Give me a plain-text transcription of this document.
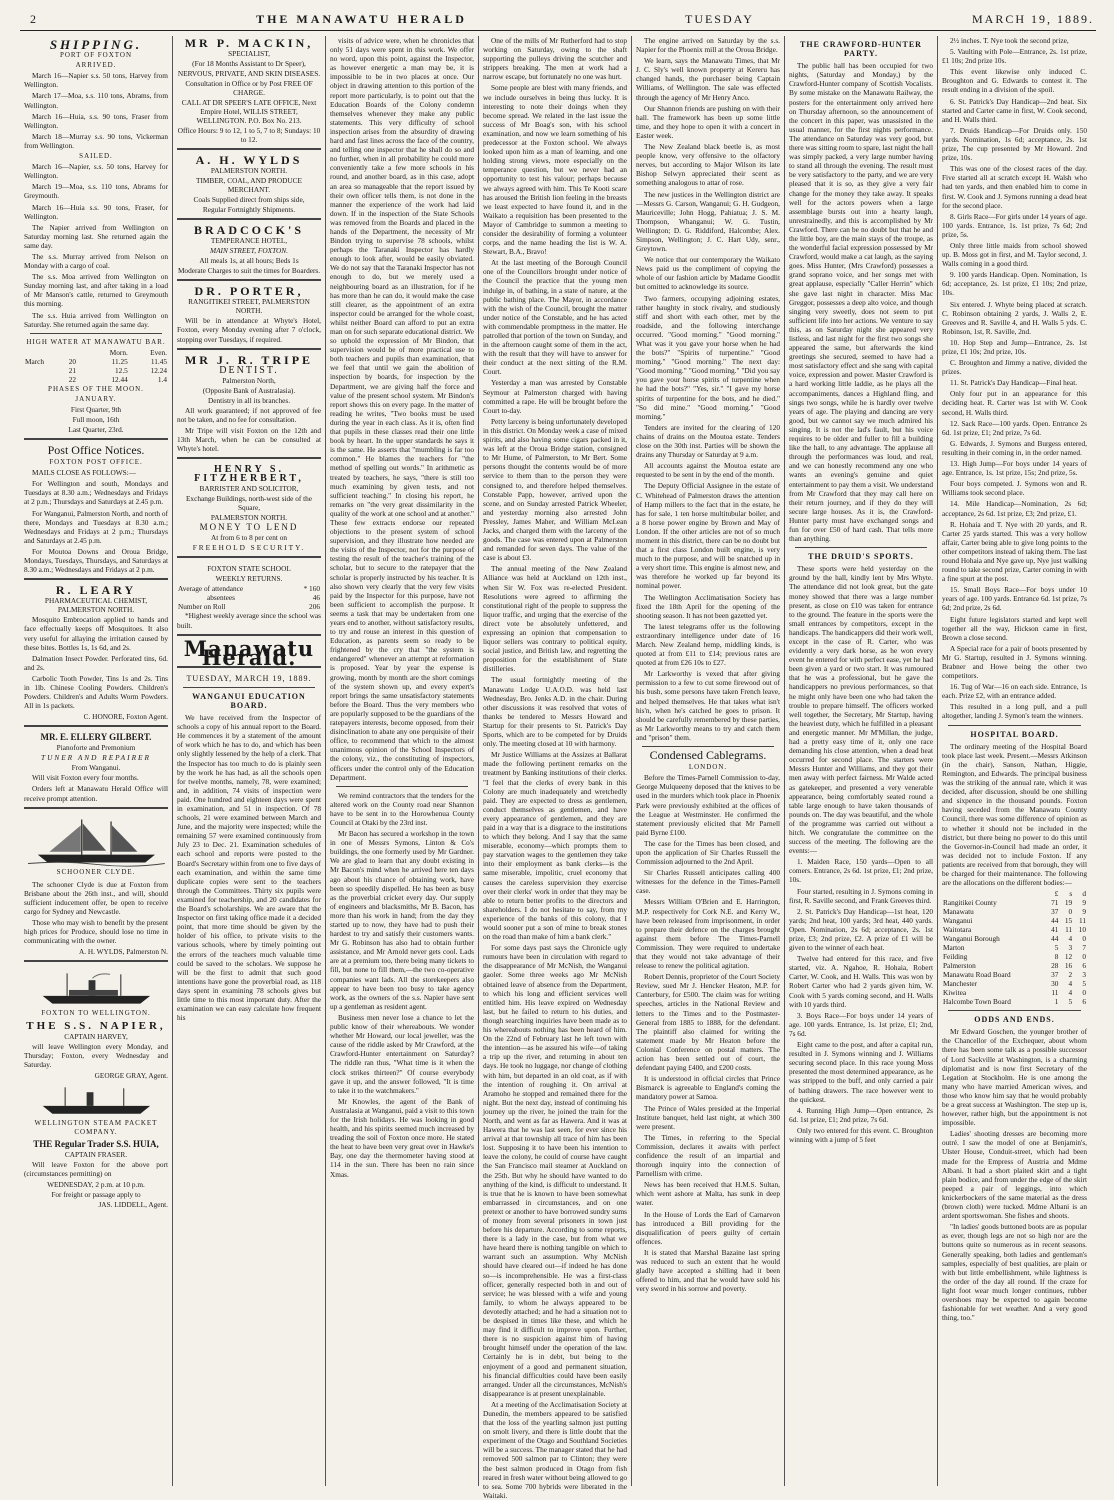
2	THE MANAWATU HERALD	TUESDAY	MARCH 19, 1889.
SHIPPING.
PORT OF FOXTON
ARRIVED.

March 16—Napier s.s. 50 tons, Harvey from Wellington.

March 17—Moa, s.s. 110 tons, Abrams, from Wellington.

March 16—Huia, s.s. 90 tons, Fraser from Wellington.

March 18—Murray s.s. 90 tons, Vickerman from Wellington.

SAILED.

March 16—Napier, s.s. 50 tons, Harvey for Wellington.

March 19—Moa, s.s. 110 tons, Abrams for Greymouth.

March 16—Huia s.s. 90 tons, Fraser, for Wellington.

The Napier arrived from Wellington on Saturday morning last. She returned again the same day.

The s.s. Murray arrived from Nelson on Monday with a cargo of coal.

The s.s. Moa arrived from Wellington on Sunday morning last, and after taking in a load of Mr Manson's cattle, returned to Greymouth this morning.

The s.s. Huia arrived from Wellington on Saturday. She returned again the same day.

HIGH WATER AT MANAWATU BAR.
		Morn.	Even.
March	20	11.25	11.45
	21	12.5	12.24
	22	12.44	1.4
PHASES OF THE MOON.
JANUARY.
First Quarter, 9th
Full moon, 16th
Last Quarter, 23rd.
Post Office Notices.
FOXTON POST OFFICE.

MAILS CLOSE AS FOLLOWS:—

For Wellington and south, Mondays and Tuesdays at 8.30 a.m.; Wednesdays and Fridays at 2 p.m.; Thursdays and Saturdays at 2.45 p.m.

For Wanganui, Palmerston North, and north of there, Mondays and Tuesdays at 8.30 a.m.; Wednesdays and Fridays at 2 p.m.; Thursdays and Saturdays at 2.45 p.m.

For Moutoa Downs and Oroua Bridge, Mondays, Tuesdays, Thursdays, and Saturdays at 8.30 a.m.; Wednesdays and Fridays at 2 p.m.

R. LEARY
PHARMACEUTICAL CHEMIST, PALMERSTON NORTH.

Mosquito Embrocation applied to hands and face effectually keeps off Mosquitoes. It also very useful for allaying the irritation caused by these bites. Bottles 1s, 1s 6d, and 2s.

Dalmation Insect Powder. Perforated tins, 6d. and 2s.

Carbolic Tooth Powder, Tins 1s and 2s. Tins in 1lb. Chinese Cooling Powders. Children's Powders. Children's and Adults Worm Powders. All in 1s packets.

C. HONORE, Foxton Agent.
MR. E. ELLERY GILBERT.
Pianoforte and Premonium
TUNER AND REPAIRER
From Wanganui.

Will visit Foxton every four months.

Orders left at Manawatu Herald Office will receive prompt attention.

SCHOONER CLYDE.

The schooner Clyde is due at Foxton from Brisbane about the 26th inst., and will, should sufficient inducement offer, be open to receive cargo for Sydney and Newcastle.

Those who may wish to benefit by the present high prices for Produce, should lose no time in communicating with the owner.

A. H. WYLDS, Palmerston N.
FOXTON TO WELLINGTON.
THE S.S. NAPIER,
CAPTAIN HARVEY,

will leave Wellington every Monday, and Thursday; Foxton, every Wednesday and Saturday.

GEORGE GRAY, Agent.
WELLINGTON STEAM PACKET COMPANY.
THE Regular Trader S.S. HUIA,
CAPTAIN FRASER.

Will leave Foxton for the above port (circumstances permitting) on

WEDNESDAY, 2 p.m. at 10 p.m.
For freight or passage apply to
JAS. LIDDELL, Agent.
MR P. MACKIN,
SPECIALIST,
(For 18 Months Assistant to Dr Speer),
NERVOUS, PRIVATE, AND SKIN DISEASES.
Consultation in Office or by Post FREE OF CHARGE.
CALL AT DR SPEER'S LATE OFFICE, Next Empire Hotel, WILLIS STREET, WELLINGTON. P.O. Box No. 213.
Office Hours: 9 to 12, 1 to 5, 7 to 8; Sundays: 10 to 12.
A. H. WYLDS
PALMERSTON NORTH.
TIMBER, COAL, AND PRODUCE MERCHANT.
Coals Supplied direct from ships side,
Regular Fortnightly Shipments.
BRADCOCK'S
TEMPERANCE HOTEL,
MAIN STREET, FOXTON.
All meals 1s, at all hours; Beds 1s
Moderate Charges to suit the times for Boarders.
DR. PORTER,
RANGITIKEI STREET, PALMERSTON NORTH.

Will be in attendance at Whyte's Hotel, Foxton, every Monday evening after 7 o'clock, stopping over Tuesdays, if required.

MR J. R. TRIPE
DENTIST.
Palmerston North,
(Opposite Bank of Australasia).
Dentistry in all its branches.

All work guaranteed; if not approved of fee not be taken, and no fee for consultation.

Mr Tripe will visit Foxton on the 12th and 13th March, when he can be consulted at Whyte's hotel.

HENRY S. FITZHERBERT,
BARRISTER AND SOLICITOR,
Exchange Buildings, north-west side of the Square,
PALMERSTON NORTH.
MONEY TO LEND
At from 6 to 8 per cent on
FREEHOLD SECURITY.
FOXTON STATE SCHOOL
WEEKLY RETURNS.
Average of attendance	* 160
absentees	46
Number on Roll	206

*Highest weekly average since the school was built.

Manawatu Herald.
TUESDAY, MARCH 19, 1889.
WANGANUI EDUCATION BOARD.

We have received from the Inspector of schools a copy of his annual report to the Board. He commences it by a statement of the amount of work which he has to do, and which has been only slightly lessened by the help of a clerk. That the Inspector has too much to do is plainly seen by the work he has had, as all the schools open for twelve months, namely, 78, were examined; and, in addition, 74 visits of inspection were paid. One hundred and eighteen days were spent in examination, and 51 in inspection. Of 78 schools, 21 were examined between March and June, and the majority were inspected; while the remaining 57 were examined continuously from July 23 to Dec. 21. Examination schedules of each school and reports were posted to the Board's Secretary within from one to five days of each examination, and within the same time duplicate copies were sent to the teachers through the Committees. Thirty six pupils were examined for teachership, and 20 candidates for the Board's scholarships. We are aware that the Inspector on first taking office made it a decided point, that more time should be given by the holder of his office, to private visits to the various schools, where by timely pointing out the errors of the teachers much valuable time could be saved to the scholars. We suppose he will be the first to admit that such good intentions have gone the proverbial road, as 118 days spent in examining 78 schools gives but little time to this most important duty. After the examination we can easy calculate how frequent his

visits of advice were, when he chronicles that only 51 days were spent in this work. We offer no word, upon this point, against the Inspector, as however energetic a man may be, it is impossible to be in two places at once. Our object in drawing attention to this portion of the report more particularly, is to point out that the Education Boards of the Colony condemn themselves whenever they make any public statements. This very difficulty of school inspection arises from the absurdity of drawing hard and fast lines across the face of the country, and telling one inspector that he shall do so and no further, when in all probability he could more conveniently take a few more schools in his round, and another board, as in this case, adopt an area so manageable that the report issued by their own officer tells them, is not done in the manner the experience of the work had laid down. If in the inspection of the State Schools was removed from the Boards and placed in the hands of the Department, the necessity of Mr Bindon trying to supervise 78 schools, whilst perhaps the Taranaki Inspector has hardly enough to look after, would be easily obviated. We do not say that the Taranaki Inspector has not enough to do, but we merely used a neighbouring board as an illustration, for if he has more than he can do, it would make the case still clearer, as the appointment of an extra inspector could be arranged for the whole coast, whilst neither Board can afford to put an extra man on for such separate educational district. We so uphold the expression of Mr Bindon, that supervision would be of more practical use to both teachers and pupils than examination, that we feel that until we gain the abolition of inspection by boards, for inspection by the Department, we are giving half the force and value of the present school system. Mr Bindon's report shows this on every page. In the matter of reading he writes, "Two books must be used during the year in each class. As it is, often find that pupils in these classes read their one little book by heart. In the upper standards he says it is the same. He asserts that "mumbling is far too common." He blames the teachers for "the method of spelling out words." In arithmetic as treated by teachers, he says, "there is still too much examining by given tests, and not sufficient teaching." In closing his report, he remarks on "the very great dissimilarity in the quality of the work at one school and at another." These few extracts endorse our repeated objections to the present system of school supervision, and they illustrate how needed are the visits of the Inspector, not for the purpose of testing the result of the teacher's training of the scholar, but to secure to the ratepayer that the scholar is properly instructed by his teacher. It is also shown very clearly that the very few visits paid by the Inspector for this purpose, have not been sufficient to accomplish the purpose. It seems a task that may be undertaken from one years end to another, without satisfactory results, to try and rouse an interest in this question of Education, as parents seem so ready to be frightened by the cry that "the system is endangered" whenever an attempt at reformation is proposed. Year by year the expense is growing, month by month are the short comings of the system shown up, and every expert's report brings the same unsatisfactory statements before the Board. Thus the very members who are popularly supposed to be the guardians of the ratepayers interests, become opposed, from their disinclination to abate any one perquisite of their office, to recommend that which to the almost unanimous opinion of the School Inspectors of the colony, viz., the constituting of inspectors, officers under the control only of the Education Department.

We remind contractors that the tenders for the altered work on the County road near Shannon have to be sent in to the Horowhenua County Council at Otaki by the 23rd inst.

Mr Bacon has secured a workshop in the town in one of Messrs Symons, Linton & Co's buildings, the one formerly used by Mr Gardner. We are glad to learn that any doubt existing in Mr Bacon's mind when he arrived here ten days ago about his chance of obtaining work, have been so speedily dispelled. He has been as busy as the proverbial cricket every day. Our supply of engineers and blacksmiths, Mr B. Bacon, has more than his work in hand; from the day they started up to now, they have had to push their hardest to try and satisfy their customers wants. Mr G. Robinson has also had to obtain further assistance, and Mr Arnold never gets cool. Lads are at a premium too, there being many tickets to fill, but none to fill them,—the two co-operative companies want lads. All the storekeepers also appear to have been too busy to take agency work, as the owners of the s.s. Napier have sent up a gentleman as resident agent.

Business men never lose a chance to let the public know of their whereabouts. We wonder whether Mr Howard, our local jeweller, was the cause of the riddle asked by Mr Crawford, at the Crawford-Hunter entertainment on Saturday? The riddle ran thus, "What time is it when the clock strikes thirteen?" Of course everybody gave it up, and the answer followed, "It is time to take it to the watchmakers."

Mr Knowles, the agent of the Bank of Australasia at Wanganui, paid a visit to this town for the Irish holidays. He was looking in good health, and his spirits seemed much increased by treading the soil of Foxton once more. He stated the heat to have been very great over in Hawke's Bay, one day the thermometer having stood at 114 in the sun. There has been no rain since Xmas.

One of the mills of Mr Rutherford had to stop working on Saturday, owing to the shaft supporting the pulleys driving the scutcher and strippers breaking. The men at work had a narrow escape, but fortunately no one was hurt.

Some people are blest with many friends, and we include ourselves in being thus lucky. It is interesting to note their doings when they become spread. We related in the last issue the success of Mr Boag's son, with his school examination, and now we learn something of his predecessor at the Foxton school. We always looked upon him as a man of learning, and one holding strong views, more especially on the temperance question, but we never had an opportunity to test his valour; perhaps because we always agreed with him. This Te Kooti scare has aroused the British lion feeling in the breasts we least expected to have found it, and in the Waikato a requisition has been presented to the Mayor of Cambridge to summon a meeting to consider the desirability of forming a volunteer corps, and the name heading the list is W. A. Stewart, B.A., Bravo!

At the last meeting of the Borough Council one of the Councillors brought under notice of the Council the practice that the young men indulge in, of bathing, in a state of nature, at the public bathing place. The Mayor, in accordance with the wish of the Council, brought the matter under notice of the Constable, and he has acted with commendable promptness in the matter. He patrolled that portion of the town on Sunday, and in the afternoon caught some of them in the act, with the result that they will have to answer for their conduct at the next sitting of the R.M. Court.

Yesterday a man was arrested by Constable Seymour at Palmerston charged with having committed a rape. He will be brought before the Court to-day.

Petty larceny is being unfortunately developed in this district. On Monday week a case of mixed spirits, and also having some cigars packed in it, was left at the Oroua Bridge station, consigned to Mr Hume, of Palmerston, to Mr Bert. Some persons thought the contents would be of more service to them than to the person they were consigned to, and therefore helped themselves. Constable Papp, however, arrived upon the scene, and on Sunday arrested Patrick Wheeler, and yesterday morning also arrested John Pressley, James Maher, and William McLean Jacks, and charged them with the larceny of the goods. The case was entered upon at Palmerston and remanded for seven days. The value of the case is about £3.

The annual meeting of the New Zealand Alliance was held at Auckland on 12th inst., when Sir W. Fox was re-elected President. Resolutions were agreed to affirming the constitutional right of the people to suppress the liquor traffic, and urging that the exercise of the direct vote be absolutely unfettered, and expressing an opinion that compensation to liquor sellers was contrary to political equity, social justice, and British law, and regretting the proposition for the establishment of State distilleries.

The usual fortnightly meeting of the Manawatu Lodge U.A.O.D. was held last Wednesday, Bro. Jenks A.D. in the chair. During other discussions it was resolved that votes of thanks be tendered to Messrs Howard and Startup for their presents to St. Patrick's Day Sports, which are to be competed for by Druids only. The meeting closed at 10 with harmony.

Mr Justice Williams at the Assizes at Ballarat made the following pertinent remarks on the treatment by Banking institutions of their clerks. "I feel that the clerks of every bank in this Colony are much inadequately and wretchedly paid. They are expected to dress as gentlemen, conduct themselves as gentlemen, and have every appearance of gentlemen, and they are paid in a way that is a disgrace to the institutions to which they belong. And I say that the same miserable, economy—which prompts them to pay starvation wages to the gentlemen they take into their employment as bank clerks—is the same miserable, impolitic, cruel economy that causes the careless supervision they exercise over their clerks' work in order that they may be able to return better profits to the directors and shareholders. I do not hesitate to say, from my experience of the banks of this colony, that I would sooner put a son of mine to break stones on the road than make of him a bank clerk."

For some days past says the Chronicle ugly rumours have been in circulation with regard to the disappearance of Mr McNish, the Wanganui gaoler. Some three weeks ago Mr McNish obtained leave of absence from the Department, to which his long and efficient services well entitled him. His leave expired on Wednesday last, but he failed to return to his duties, and though searching inquiries have been made as to his whereabouts nothing has been heard of him. On the 22nd of February last he left town with the intention—as he assured his wife—of taking a trip up the river, and returning in about ten days. He took no luggage, nor change of clothing with him, but departed in an old coat, as if with the intention of roughing it. On arrival at Aramoho he stopped and remained there for the night. But the next day, instead of continuing his journey up the river, he joined the train for the North, and went as far as Hawera. And it was at Hawera that he was last seen, for ever since his arrival at that township all trace of him has been lost. Supposing it to have been his intention to leave the colony, he could of course have caught the San Francisco mail steamer at Auckland on the 25th. But why he should have wanted to do anything of the kind, is difficult to understand. It is true that he is known to have been somewhat embarrassed in circumstances, and on one pretext or another to have borrowed sundry sums of money from several prisoners in town just before his departure. According to some reports, there is a lady in the case, but from what we have heard there is nothing tangible on which to warrant such an assumption. Why McNish should have cleared out—if indeed he has done so—is incomprehensible. He was a first-class officer, generally respected both in and out of service; he was blessed with a wife and young family, to whom he always appeared to be devotedly attached; and he had a situation not to be despised in times like these, and which he may find it difficult to improve upon. Further, there is no suspicion against him of having brought himself under the operation of the law. Certainly he is in debt, but being to the enjoyment of a good and permanent situation, his financial difficulties could have been easily arranged. Under all the circumstances, McNish's disappearance is at present unexplainable.

At a meeting of the Acclimatisation Society at Dunedin, the members appeared to be satisfied that the loss of the yearling salmon just putting on smolt livery, and there is little doubt that the experiment of the Otago and Southland Societies will be a success. The manager stated that he had removed 500 salmon par to Clinton; they were the best salmon produced in Otago from fish reared in fresh water without being allowed to go to sea. Some 700 hybrids were liberated in the Waitaki.

The engine arrived on Saturday by the s.s. Napier for the Phoenix mill at the Oroua Bridge.

We learn, says the Manawatu Times, that Mr J. C. Sly's well known property at Kereru has changed hands, the purchaser being Captain Williams, of Wellington. The sale was effected through the agency of Mr Henry Anco.

Our Shannon friends are pushing on with their hall. The framework has been up some little time, and they hope to open it with a concert in Easter week.

The New Zealand black beetle is, as most people know, very offensive to the olfactory nerves, but according to Major Wilson its late Bishop Selwyn appreciated their scent as something analogous to attar of rose.

The new justices in the Wellington district are—Messrs G. Carson, Wanganui; G. H. Gudgeon, Mauriceville; John Hogg, Pahiatua; J. S. M. Thompson, Whanganui; W. G. Tustin, Wellington; D. G. Riddiford, Halcombe; Alex. Simpson, Wellington; J. C. Hart Udy, senr., Greytown.

We notice that our contemporary the Waikato News paid us the compliment of copying the whole of our fashion article by Madame Goodlit but omitted to acknowledge its source.

Two farmers, occupying adjoining estates, rather haughty in stock rivalry, and studiously stiff and short with each other, met by the roadside, and the following interchange occurred. "Good morning." "Good morning." What was it you gave your horse when he had the bots?" "Spirits of turpentine." "Good morning." "Good morning." The next day: "Good morning." "Good morning." "Did you say you gave your horse spirits of turpentine when he had the bots?" "Yes, sir." "I gave my horse spirits of turpentine for the bots, and he died." "So did mine." "Good morning." "Good morning."

Tenders are invited for the clearing of 120 chains of drains on the Moutoa estate. Tenders close on the 30th inst. Parties will be shown the drains any Thursday or Saturday at 9 a.m.

All accounts against the Moutoa estate are requested to be sent in by the end of the month.

The Deputy Official Assignee in the estate of C. Whitehead of Palmerston draws the attention of Hamp millers to the fact that in the estate, he has for sale, 1 ten horse multitubular boiler, and a 8 horse power engine by Brown and May of London. If the other articles are not of so much moment in this district, there can be no doubt but that a first class London built engine, is very much to the purpose, and will be snatched up in a very short time. This engine is almost new, and was therefore he worked up far beyond its nominal power.

The Wellington Acclimatisation Society has fixed the 18th April for the opening of the shooting season. It has not been gazetted yet.

The latest telegrams offer us the following extraordinary intelligence under date of 16 March. New Zealand hemp, middling kinds, is quoted at from £11 to £14; previous rates are quoted at from £26 10s to £27.

Mr Larkworthy is vexed that after giving permission to a few to cut some firewood out of his bush, some persons have taken French leave, and helped themselves. He that takes what isn't his'n, when he's catched he goes to prison. It should be carefully remembered by these parties, as Mr Larkworthy means to try and catch them and "prison" them.

Condensed Cablegrams.
LONDON.

Before the Times-Parnell Commission to-day, George Mulqueeny deposed that the knives to be used in the murders which took place in Phoenix Park were previously exhibited at the offices of the League at Westminster. He confirmed the statement previously elicited that Mr Parnell paid Byrne £100.

The case for the Times has been closed, and upon the application of Sir Charles Russell the Commission adjourned to the 2nd April.

Sir Charles Russell anticipates calling 400 witnesses for the defence in the Times-Parnell case.

Messrs William O'Brien and E. Harrington, M.P. respectively for Cork N.E. and Kerry W., have been released from imprisonment, in order to prepare their defence on the charges brought against them before The Times-Parnell Commission. They were required to undertake that they would not take advantage of their release to renew the political agitation.

Robert Dennis, proprietor of the Court Society Review, sued Mr J. Hencker Heaton, M.P. for Canterbury, for £500. The claim was for writing speeches, articles in the National Review and letters to the Times and to the Postmaster-General from 1885 to 1888, for the defendant. The plaintiff also claimed for writing the statement made by Mr Heaton before the Colonial Conference on postal matters. The action has been settled out of court, the defendant paying £400, and £200 costs.

It is understood in official circles that Prince Bismarck is agreeable to England's coming the mandatory power at Samoa.

The Prince of Wales presided at the Imperial Institute banquet, held last night, at which 300 were present.

The Times, in referring to the Special Commission, declares it awaits with perfect confidence the result of an impartial and thorough inquiry into the connection of Parnellism with crime.

News has been received that H.M.S. Sultan, which went ashore at Malta, has sunk in deep water.

In the House of Lords the Earl of Carnarvon has introduced a Bill providing for the disqualification of peers guilty of certain offences.

It is stated that Marshal Bazaine last spring was reduced to such an extent that he would gladly have accepted a shilling had it been offered to him, and that he would have sold his very sword in his sorrow and poverty.

THE CRAWFORD-HUNTER PARTY.

The public hall has been occupied for two nights, (Saturday and Monday,) by the Crawford-Hunter company of Scottish Vocalists. By some mistake on the Manawatu Railway, the posters for the entertainment only arrived here on Thursday afternoon, so the announcement of the concert in this paper, was unassisted in the usual manner, for the first nights performance. The attendance on Saturday was very good, but there was sitting room to spare, last night the hall was simply packed, a very large number having to stand all through the evening. The result must be very satisfactory to the party, and we are very pleased that it is so, as they give a very fair change for the money they take away. It speaks well for the actors powers when a large assemblage bursts out into a hearty laugh, unrestrainedly, and this is accomplished by Mr Crawford. There can be no doubt but that he and the little boy, are the main stays of the troupe, as the wonderful facial expression possessed by Mr Crawford, would make a cat laugh, as the saying goes. Miss Hunter, (Mrs Crawford) possesses a grand soprano voice, and her songs met with great applause, especially "Caller Herrin" which she gave last night in character. Miss Mac Greggor, possesses a deep alto voice, and though singing very sweetly, does not seem to put sufficient life into her actions. We venture to say this, as on Saturday night she appeared very listless, and last night for the first two songs she appeared the same, but afterwards the kind greetings she secured, seemed to have had a most satisfactory effect and she sang with capital voice, expression and power. Master Crawford is a hard working little laddie, as he plays all the accompaniments, dances a Highland fling, and sings two songs, while he is hardly over twelve years of age. The playing and dancing are very good, but we cannot say we much admired his singing. It is not the lad's fault, but his voice requires to be older and fuller to fill a building like the hall, to any advantage. The applause all through the performances was loud, and real, and we can honestly recommend any one who wants an evening's genuine and quiet entertainment to pay them a visit. We understand from Mr Crawford that they may call here on their return journey, and if they do they will secure large houses. As it is, the Crawford-Hunter party must have exchanged songs and fun for over £50 of hard cash. That tells more than anything.

THE DRUID'S SPORTS.

These sports were held yesterday on the ground by the hall, kindly lent by Mrs Whyte. The attendance did not look great, but the gate money showed that there was a large number present, as close on £10 was taken for entrance to the ground. The feature in the sports were the small entrances by competitors, except in the handicaps. The handicappers did their work well, except in the case of R. Carter, who was evidently a very dark horse, as he won every event he entered for with perfect ease, yet he had been given a yard or two start. It was rumoured that he was a professional, but he gave the handicappers no previous performances, so that he might only have been one who had taken the trouble to prepare himself. The officers worked well together, the Secretary, Mr Startup, having the heaviest duty, which he fulfilled in a pleasant and energetic manner. Mr M'Millan, the judge, had a pretty easy time of it, only one race demanding his close attention, when a dead heat occurred for second place. The starters were Messrs Hunter and Williams, and they got their men away with perfect fairness. Mr Walde acted as gatekeeper, and presented a very venerable appearance, being comfortably seated round a table large enough to have taken thousands of pounds on. The day was beautiful, and the whole of the programme was carried out without a hitch. We congratulate the committee on the success of the meeting. The following are the events:—

1. Maiden Race, 150 yards—Open to all comers. Entrance, 2s 6d. 1st prize, £1; 2nd prize, 10s.

Four started, resulting in J. Symons coming in first, R. Saville second, and Frank Greeves third.

2. St. Patrick's Day Handicap—1st heat, 120 yards; 2nd heat, 100 yards; 3rd heat, 440 yards. Open. Nomination, 2s 6d; acceptance, 2s. 1st prize, £3; 2nd prize, £2. A prize of £1 will be given to the winner of each heat.

Twelve had entered for this race, and five started, viz. A. Ngahoe, R. Hohaia, Robert Carter, W. Cook, and H. Walls. This was won by Robert Carter who had 2 yards given him, W. Cook with 5 yards coming second, and H. Walls with 10 yards third.

3. Boys Race—For boys under 14 years of age. 100 yards. Entrance, 1s. 1st prize, £1; 2nd, 7s 6d.

Eight came to the post, and after a capital run, resulted in J. Symons winning and J. Williams securing second place. In this race young Moss presented the most determined appearance, as he was stripped to the buff, and only carried a pair of bathing drawers. The race however went to the quickest.

4. Running High Jump—Open entrance, 2s 6d. 1st prize, £1; 2nd prize, 7s 6d.

Only two entered for this event. C. Broughton winning with a jump of 5 feet

2½ inches. T. Nye took the second prize,

5. Vaulting with Pole—Entrance, 2s. 1st prize, £1 10s; 2nd prize 10s.

This event likewise only induced C. Broughton and G. Edwards to contest it. The result ending in a division of the spoil.

6. St. Patrick's Day Handicap—2nd heat. Six started and Carter came in first, W. Cook second, and H. Walls third.

7. Druids Handicap—For Druids only. 150 yards. Nomination, 1s 6d; acceptance, 2s. 1st prize, The cup presented by Mr Howard. 2nd prize, 10s.

This was one of the closest races of the day. Five started all at scratch except H. Walsh who had ten yards, and then enabled him to come in first. W. Cook and J. Symons running a dead heat for the second place.

8. Girls Race—For girls under 14 years of age. 100 yards. Entrance, 1s. 1st prize, 7s 6d; 2nd prize, 5s.

Only three little maids from school showed up. B. Moss got in first, and M. Taylor second, J. Walls coming in a good third.

9. 100 yards Handicap. Open. Nomination, 1s 6d; acceptance, 2s. 1st prize, £1 10s; 2nd prize, 10s.

Six entered. J. Whyte being placed at scratch. C. Robinson obtaining 2 yards, J. Walls 2, E. Greeves and R. Saville 4, and H. Walls 5 yds. C. Robinson, 1st, R. Saville, 2nd.

10. Hop Step and Jump—Entrance, 2s. 1st prize, £1 10s; 2nd prize, 10s.

C. Broughton and Jimmy a native, divided the prizes.

11. St. Patrick's Day Handicap—Final heat.

Only four put in an appearance for this deciding heat. R. Carter was 1st with W. Cook second, H. Walls third.

12. Sack Race—100 yards. Open. Entrance 2s 6d. 1st prize, £1; 2nd prize, 7s 6d.

G. Edwards, J. Symons and Burgess entered, resulting in their coming in, in the order named.

13. High Jump—For boys under 14 years of age. Entrance, 1s. 1st prize, 15s; 2nd prize, 5s.

Four boys competed. J. Symons won and R. Williams took second place.

14. Mile Handicap—Nomination, 2s 6d; acceptance, 2s 6d. 1st prize, £3; 2nd prize, £1.

R. Hohaia and T. Nye with 20 yards, and R. Carter 25 yards started. This was a very hollow affair, Carter being able to give long points to the other competitors instead of taking them. The last round Hohaia and Nye gave up, Nye just walking round to take second prize, Carter coming in with a fine spurt at the post.

15. Small Boys Race—For boys under 10 years of age. 100 yards. Entrance 6d. 1st prize, 7s 6d; 2nd prize, 2s 6d.

Eight future legislators started and kept well together all the way, Hickson came in first, Brown a close second.

A Special race for a pair of boots presented by Mr G. Startup, resulted in J. Symons winning. Brabner and Howe being the other two competitors.

16. Tug of War—16 on each side. Entrance, 1s each. Prize £2, with an entrance added.

This resulted in a long pull, and a pull altogether, landing J. Symon's team the winners.

HOSPITAL BOARD.

The ordinary meeting of the Hospital Board took place last week. Present.—Messrs Atkinson (in the chair), Sanson, Nathan, Higgie, Remington, and Edwards. The principal business was the striking of the annual rate, which it was decided, after discussion, should be one shilling and sixpence in the thousand pounds. Foxton having seceded from the Manawatu County Council, there was some difference of opinion as to whether it should not be included in the district, but there being no power to do this until the Governor-in-Council had made an order, it was decided not to include Foxton. If any patients are received from that borough, they will be charged for their maintenance. The following are the allocations on the different bodies:—

	£	s	d
Rangitikei County	71	19	9
Manawatu	37	0	9
Wanganui	44	15	11
Waitotara	41	11	10
Wanganui Borough	44	4	0
Marton	5	3	7
Feilding	8	12	0
Palmerston	28	16	6
Manawatu Road Board	37	2	3
Manchester	30	4	5
Kiwitea	11	4	0
Halcombe Town Board	1	5	6
ODDS AND ENDS.

Mr Edward Goschen, the younger brother of the Chancellor of the Exchequer, about whom there has been some talk as a possible successor of Lord Sackville at Washington, is a charming diplomatist and is now first Secretary of the Legation at Stockholm. He is one among the many who have married American wives, and those who know him say that he would probably be a great success at Washington. The step up is, however, rather high, but the appointment is not impossible.

Ladies' shooting dresses are becoming more outré. I saw the model of one at Benjamin's, Ulster House, Conduit-street, which had been made for the Empress of Austria and Mdme Albani. It had a short plaited skirt and a tight plain bodice, and from under the edge of the skirt peeped a pair of leggings, into which knickerbockers of the same material as the dress (brown cloth) were tucked. Mdme Albani is an ardent sportswoman. She fishes and shoots.

"In ladies' goods buttoned boots are as popular as ever, though legs are not so high nor are the buttons quite so numerous as in recent seasons. Generally speaking, both ladies and gentleman's samples, especially of best qualities, are plain or with but little embellishment, while lightness is the order of the day all round. If the craze for light foot wear much longer continues, rubber overshoes may be expected to again become fashionable for wet weather. And a very good thing, too."
